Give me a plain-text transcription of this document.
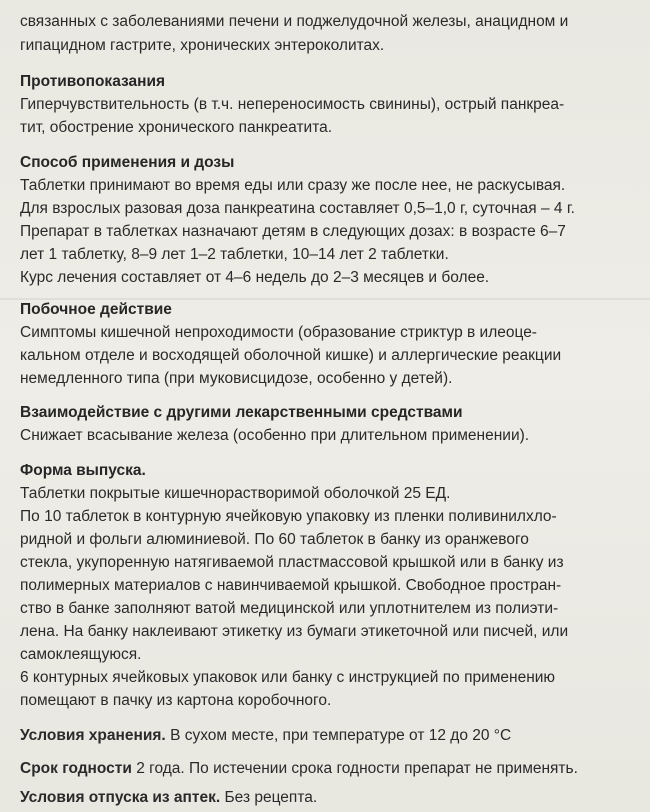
связанных с заболеваниями печени и поджелудочной железы, анацидном и
гипацидном гастрите, хронических энтероколитах.
Противопоказания
Гиперчувствительность (в т.ч. непереносимость свинины), острый панкреа-
тит, обострение хронического панкреатита.
Способ применения и дозы
Таблетки принимают во время еды или сразу же после нее, не раскусывая.
Для взрослых разовая доза панкреатина составляет 0,5–1,0 г, суточная – 4 г.
Препарат в таблетках назначают детям в следующих дозах: в возрасте 6–7
лет 1 таблетку, 8–9 лет 1–2 таблетки, 10–14 лет 2 таблетки.
Курс лечения составляет от 4–6 недель до 2–3 месяцев и более.
Побочное действие
Симптомы кишечной непроходимости (образование стриктур в илеоце-
кальном отделе и восходящей оболочной кишке) и аллергические реакции
немедленного типа (при муковисцидозе, особенно у детей).
Взаимодействие с другими лекарственными средствами
Снижает всасывание железа (особенно при длительном применении).
Форма выпуска.
Таблетки покрытые кишечнорастворимой оболочкой 25 ЕД.
По 10 таблеток в контурную ячейковую упаковку из пленки поливинилхло-
ридной и фольги алюминиевой. По 60 таблеток в банку из оранжевого
стекла, укупоренную натягиваемой пластмассовой крышкой или в банку из
полимерных материалов с навинчиваемой крышкой. Свободное простран-
ство в банке заполняют ватой медицинской или уплотнителем из полиэти-
лена. На банку наклеивают этикетку из бумаги этикеточной или писчей, или
самоклеящуюся.
6 контурных ячейковых упаковок или банку с инструкцией по применению
помещают в пачку из картона коробочного.
Условия хранения. В сухом месте, при температуре от 12 до 20 °C
Срок годности 2 года. По истечении срока годности препарат не применять.
Условия отпуска из аптек. Без рецепта.
